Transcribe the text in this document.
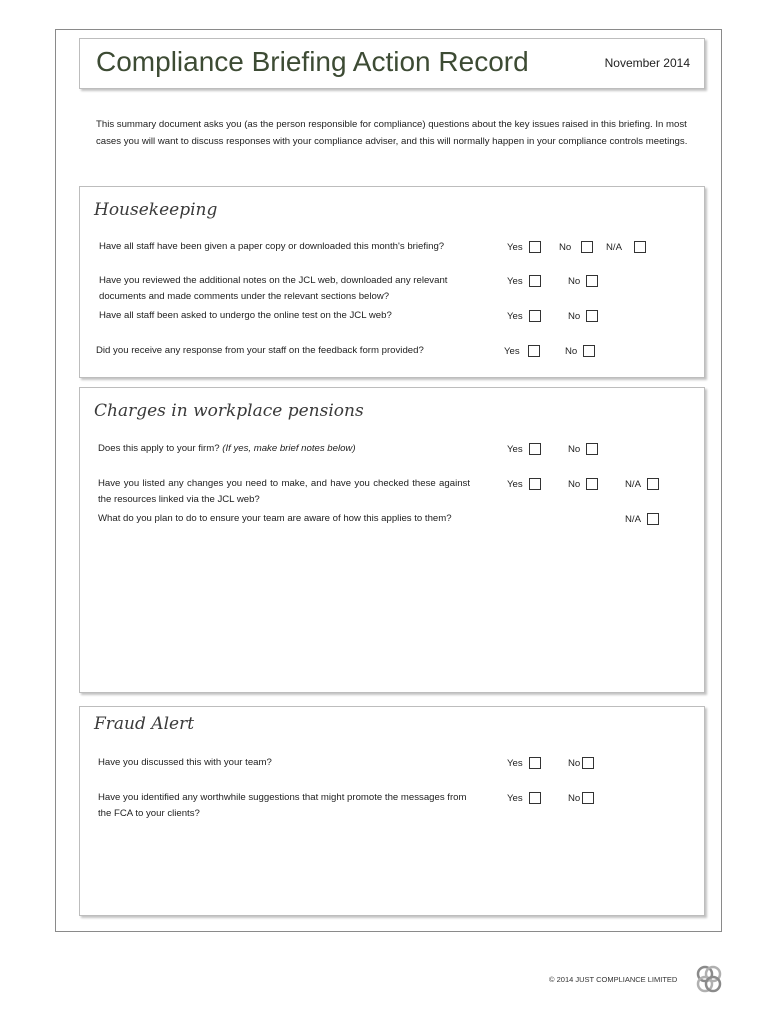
Compliance Briefing Action Record	November 2014
This summary document asks you (as the person responsible for compliance) questions about the key issues raised in this briefing. In most cases you will want to discuss responses with your compliance adviser, and this will normally happen in your compliance controls meetings.
Housekeeping
Have all staff have been given a paper copy or downloaded this month's briefing?	Yes	No	N/A
Have you reviewed the additional notes on the JCL web, downloaded any relevant documents and made comments under the relevant sections below?
Yes	No
Have all staff been asked to undergo the online test on the JCL web?	Yes	No
Did you receive any response from your staff on the feedback form provided?	Yes	No
Charges in workplace pensions
Does this apply to your firm? (If yes, make brief notes below)	Yes	No
Have you listed any changes you need to make, and have you checked these against the resources linked via the JCL web?
Yes	No	N/A
What do you plan to do to ensure your team are aware of how this applies to them?	N/A
Fraud Alert
Have you discussed this with your team?	Yes	No
Have you identified any worthwhile suggestions that might promote the messages from the FCA to your clients?
Yes	No
© 2014 JUST COMPLIANCE LIMITED
